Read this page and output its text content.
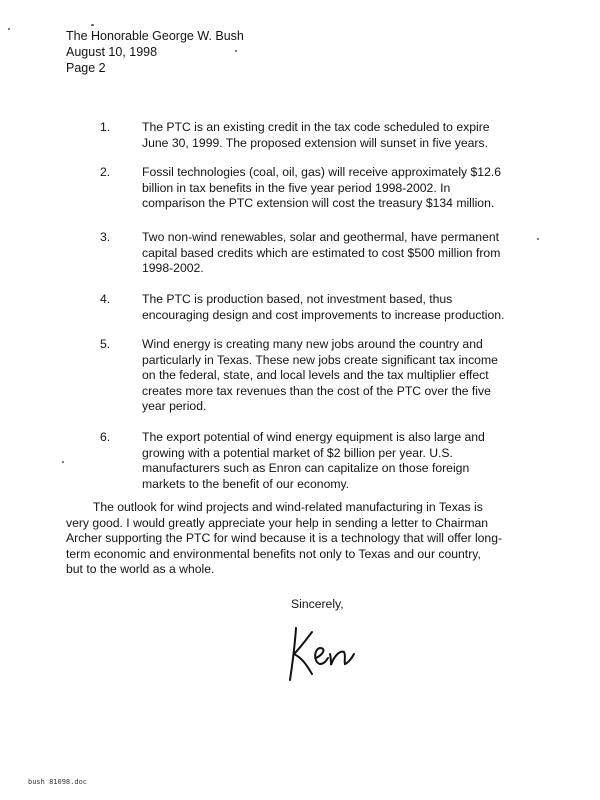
The Honorable George W. Bush
August 10, 1998
Page 2
1.	The PTC is an existing credit in the tax code scheduled to expire
June 30, 1999. The proposed extension will sunset in five years.
2.	Fossil technologies (coal, oil, gas) will receive approximately $12.6
billion in tax benefits in the five year period 1998-2002. In
comparison the PTC extension will cost the treasury $134 million.
3.	Two non-wind renewables, solar and geothermal, have permanent
capital based credits which are estimated to cost $500 million from
1998-2002.
4.	The PTC is production based, not investment based, thus
encouraging design and cost improvements to increase production.
5.	Wind energy is creating many new jobs around the country and
particularly in Texas. These new jobs create significant tax income
on the federal, state, and local levels and the tax multiplier effect
creates more tax revenues than the cost of the PTC over the five
year period.
6.	The export potential of wind energy equipment is also large and
growing with a potential market of $2 billion per year. U.S.
manufacturers such as Enron can capitalize on those foreign
markets to the benefit of our economy.
The outlook for wind projects and wind-related manufacturing in Texas is
very good. I would greatly appreciate your help in sending a letter to Chairman
Archer supporting the PTC for wind because it is a technology that will offer long-
term economic and environmental benefits not only to Texas and our country,
but to the world as a whole.
Sincerely,
bush 81098.doc
